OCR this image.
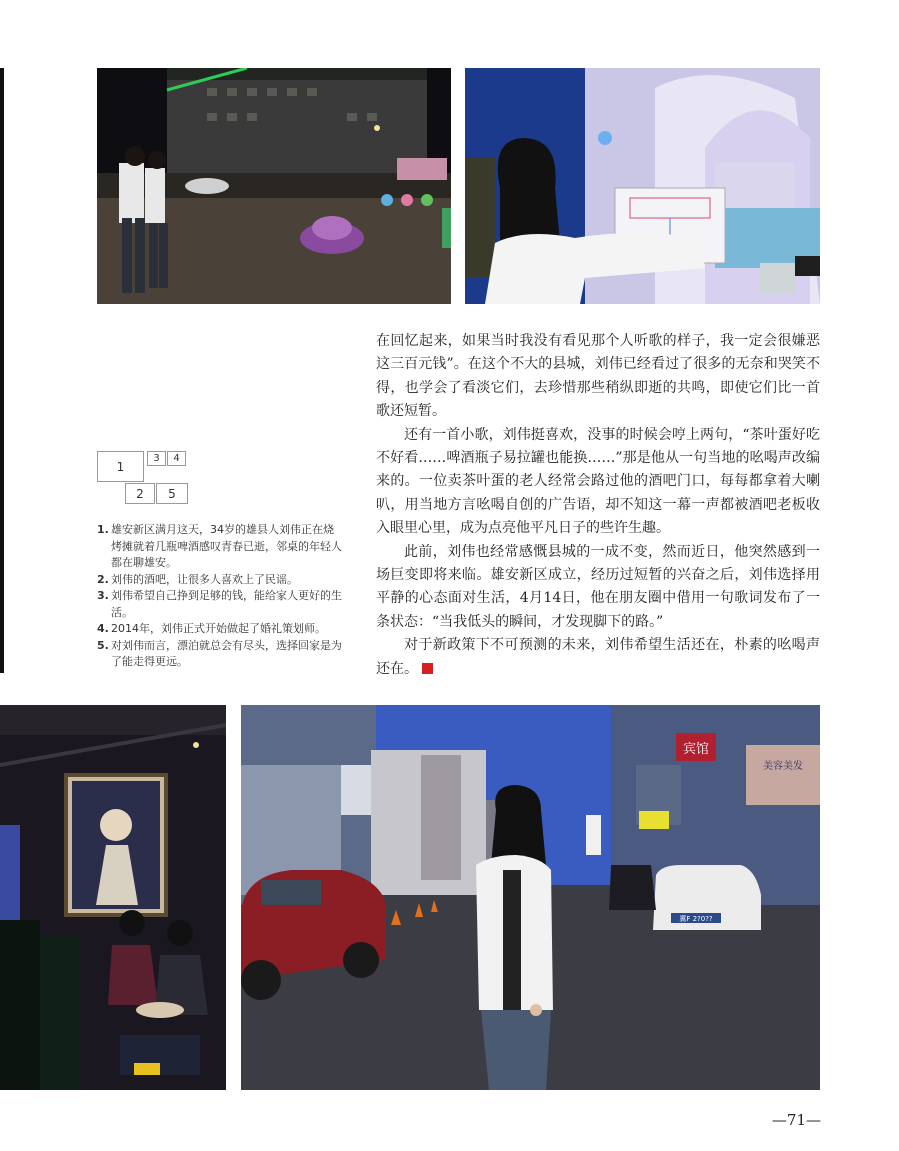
1
3	4
2	5
1. 雄安新区满月这天，34岁的雄县人刘伟正在烧烤摊就着几瓶啤酒感叹青春已逝，邻桌的年轻人都在聊雄安。
2. 刘伟的酒吧，让很多人喜欢上了民谣。
3. 刘伟希望自己挣到足够的钱，能给家人更好的生活。
4. 2014年，刘伟正式开始做起了婚礼策划师。
5. 对刘伟而言，漂泊就总会有尽头，选择回家是为了能走得更远。

在回忆起来，如果当时我没有看见那个人听歌的样子，我一定会很嫌恶这三百元钱”。在这个不大的县城，刘伟已经看过了很多的无奈和哭笑不得，也学会了看淡它们，去珍惜那些稍纵即逝的共鸣，即使它们比一首歌还短暂。

还有一首小歌，刘伟挺喜欢，没事的时候会哼上两句，“茶叶蛋好吃不好看……啤酒瓶子易拉罐也能换……”那是他从一句当地的吆喝声改编来的。一位卖茶叶蛋的老人经常会路过他的酒吧门口，每每都拿着大喇叭，用当地方言吆喝自创的广告语，却不知这一幕一声都被酒吧老板收入眼里心里，成为点亮他平凡日子的些许生趣。

此前，刘伟也经常感慨县城的一成不变，然而近日，他突然感到一场巨变即将来临。雄安新区成立，经历过短暂的兴奋之后，刘伟选择用平静的心态面对生活，4月14日，他在朋友圈中借用一句歌词发布了一条状态：“当我低头的瞬间，才发现脚下的路。”

对于新政策下不可预测的未来，刘伟希望生活还在，朴素的吆喝声还在。

宾馆
美容美发
冀F 2?0??
—71—
